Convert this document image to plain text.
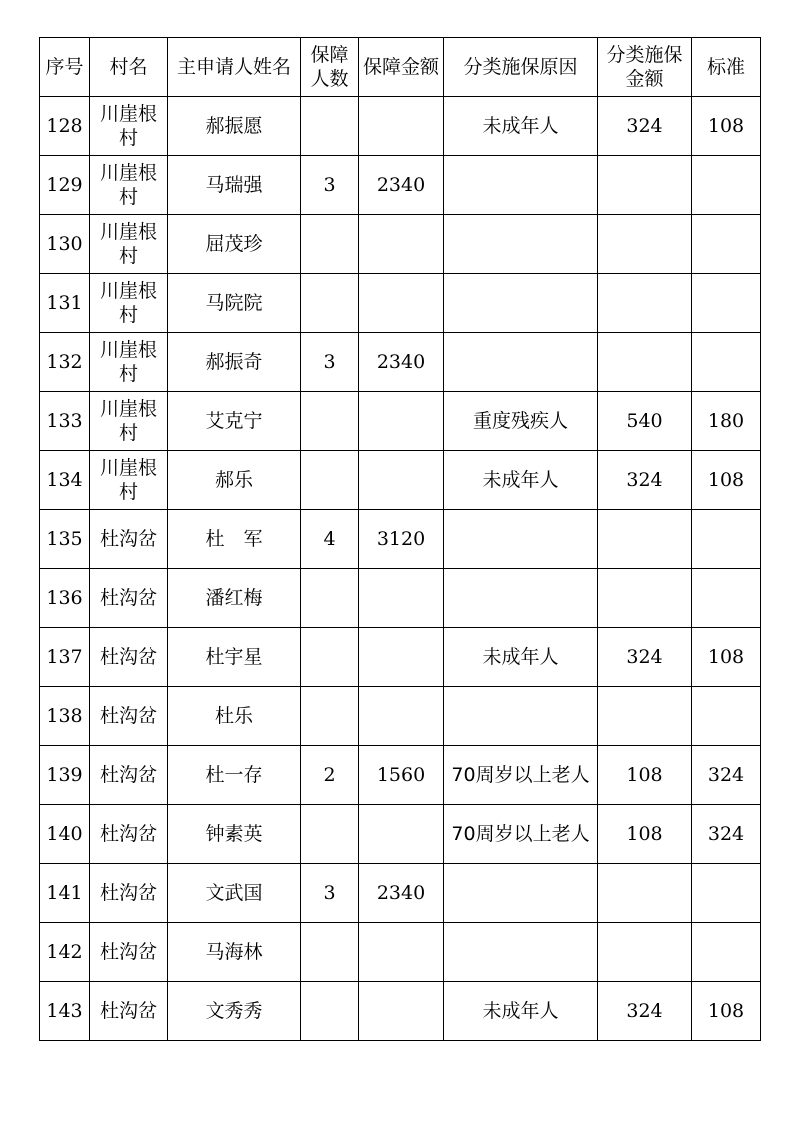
序号	村名	主申请人姓名	保障人数	保障金额	分类施保原因	分类施保金额	标准
128	川崖根村	郝振愿			未成年人	324	108
129	川崖根村	马瑞强	3	2340			
130	川崖根村	屈茂珍					
131	川崖根村	马院院					
132	川崖根村	郝振奇	3	2340			
133	川崖根村	艾克宁			重度残疾人	540	180
134	川崖根村	郝乐			未成年人	324	108
135	杜沟岔	杜　军	4	3120			
136	杜沟岔	潘红梅					
137	杜沟岔	杜宇星			未成年人	324	108
138	杜沟岔	杜乐					
139	杜沟岔	杜一存	2	1560	70周岁以上老人	108	324
140	杜沟岔	钟素英			70周岁以上老人	108	324
141	杜沟岔	文武国	3	2340			
142	杜沟岔	马海林					
143	杜沟岔	文秀秀			未成年人	324	108
